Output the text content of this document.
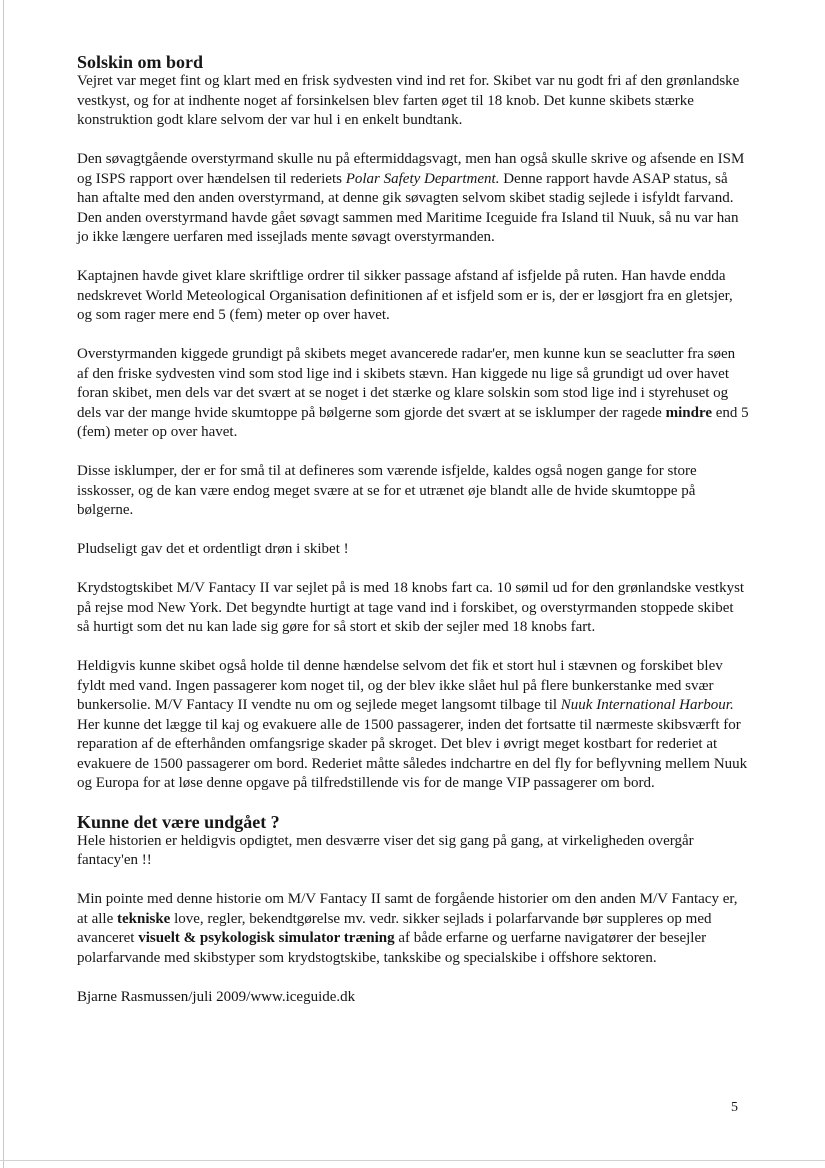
Solskin om bord

Vejret var meget fint og klart med en frisk sydvesten vind ind ret for. Skibet var nu godt fri af den grønlandske vestkyst, og for at indhente noget af forsinkelsen blev farten øget til 18 knob. Det kunne skibets stærke konstruktion godt klare selvom der var hul i en enkelt bundtank.

Den søvagtgående overstyrmand skulle nu på eftermiddagsvagt, men han også skulle skrive og afsende en ISM og ISPS rapport over hændelsen til rederiets Polar Safety Department. Denne rapport havde ASAP status, så han aftalte med den anden overstyrmand, at denne gik søvagten selvom skibet stadig sejlede i isfyldt farvand. Den anden overstyrmand havde gået søvagt sammen med Maritime Iceguide fra Island til Nuuk, så nu var han jo ikke længere uerfaren med issejlads mente søvagt overstyrmanden.

Kaptajnen havde givet klare skriftlige ordrer til sikker passage afstand af isfjelde på ruten. Han havde endda nedskrevet World Meteological Organisation definitionen af et isfjeld som er is, der er løsgjort fra en gletsjer, og som rager mere end 5 (fem) meter op over havet.

Overstyrmanden kiggede grundigt på skibets meget avancerede radar'er, men kunne kun se seaclutter fra søen af den friske sydvesten vind som stod lige ind i skibets stævn. Han kiggede nu lige så grundigt ud over havet foran skibet, men dels var det svært at se noget i det stærke og klare solskin som stod lige ind i styrehuset og dels var der mange hvide skumtoppe på bølgerne som gjorde det svært at se isklumper der ragede mindre end 5 (fem) meter op over havet.

Disse isklumper, der er for små til at defineres som værende isfjelde, kaldes også nogen gange for store isskosser, og de kan være endog meget svære at se for et utrænet øje blandt alle de hvide skumtoppe på bølgerne.

Pludseligt gav det et ordentligt drøn i skibet !

Krydstogtskibet M/V Fantacy II var sejlet på is med 18 knobs fart ca. 10 sømil ud for den grønlandske vestkyst på rejse mod New York. Det begyndte hurtigt at tage vand ind i forskibet, og overstyrmanden stoppede skibet så hurtigt som det nu kan lade sig gøre for så stort et skib der sejler med 18 knobs fart.

Heldigvis kunne skibet også holde til denne hændelse selvom det fik et stort hul i stævnen og forskibet blev fyldt med vand. Ingen passagerer kom noget til, og der blev ikke slået hul på flere bunkerstanke med svær bunkersolie. M/V Fantacy II vendte nu om og sejlede meget langsomt tilbage til Nuuk International Harbour. Her kunne det lægge til kaj og evakuere alle de 1500 passagerer, inden det fortsatte til nærmeste skibsværft for reparation af de efterhånden omfangsrige skader på skroget. Det blev i øvrigt meget kostbart for rederiet at evakuere de 1500 passagerer om bord. Rederiet måtte således indchartre en del fly for beflyvning mellem Nuuk og Europa for at løse denne opgave på tilfredstillende vis for de mange VIP passagerer om bord.

Kunne det være undgået ?

Hele historien er heldigvis opdigtet, men desværre viser det sig gang på gang, at virkeligheden overgår fantacy'en !!

Min pointe med denne historie om M/V Fantacy II samt de forgående historier om den anden M/V Fantacy er, at alle tekniske love, regler, bekendtgørelse mv. vedr. sikker sejlads i polarfarvande bør suppleres op med avanceret visuelt & psykologisk simulator træning af både erfarne og uerfarne navigatører der besejler polarfarvande med skibstyper som krydstogtskibe, tankskibe og specialskibe i offshore sektoren.

Bjarne Rasmussen/juli 2009/www.iceguide.dk

5
